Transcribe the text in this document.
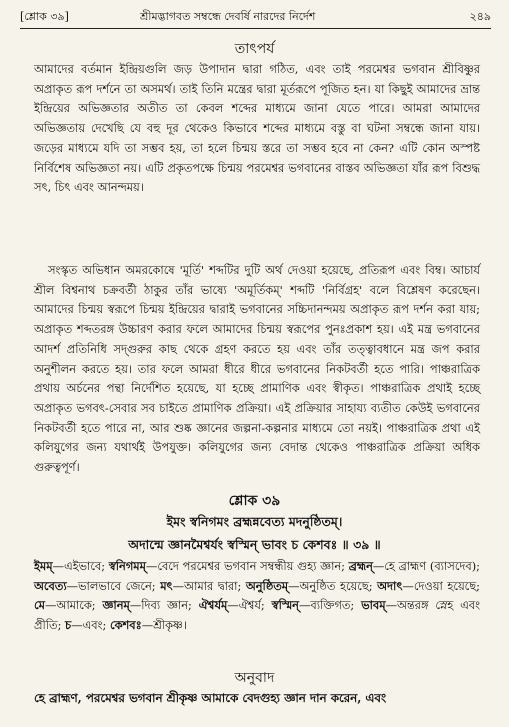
[শ্লোক ৩৯]	শ্রীমদ্ভাগবত সম্বন্ধে দেবর্ষি নারদের নির্দেশ	২৪৯
তাৎপর্য

আমাদের বর্তমান ইন্দ্রিয়গুলি জড় উপাদান দ্বারা গঠিত, এবং তাই পরমেশ্বর ভগবান শ্রীবিষ্ণুর অপ্রাকৃত রূপ দর্শনে তা অসমর্থ। তাই তিনি মন্ত্রের দ্বারা মূর্তরূপে পূজিত হন। যা কিছুই আমাদের ভ্রান্ত ইন্দ্রিয়ের অভিজ্ঞতার অতীত তা কেবল শব্দের মাধ্যমে জানা যেতে পারে। আমরা আমাদের অভিজ্ঞতায় দেখেছি যে বহু দূর থেকেও কিভাবে শব্দের মাধ্যমে বস্তু বা ঘটনা সম্বন্ধে জানা যায়। জড়ের মাধ্যমে যদি তা সম্ভব হয়, তা হলে চিন্ময় স্তরে তা সম্ভব হবে না কেন? এটি কোন অস্পষ্ট নির্বিশেষ অভিজ্ঞতা নয়। এটি প্রকৃতপক্ষে চিন্ময় পরমেশ্বর ভগবানের বাস্তব অভিজ্ঞতা যাঁর রূপ বিশুদ্ধ সৎ, চিৎ এবং আনন্দময়।

সংস্কৃত অভিধান অমরকোষে 'মূর্তি' শব্দটির দুটি অর্থ দেওয়া হয়েছে, প্রতিরূপ এবং বিম্ব। আচার্য শ্রীল বিশ্বনাথ চক্রবর্তী ঠাকুর তাঁর ভাষ্যে 'অমূর্তিকম্' শব্দটি 'নির্বিগ্রহ' বলে বিশ্লেষণ করেছেন। আমাদের চিন্ময় স্বরূপে চিন্ময় ইন্দ্রিয়ের দ্বারাই ভগবানের সচ্চিদানন্দময় অপ্রাকৃত রূপ দর্শন করা যায়; অপ্রাকৃত শব্দতরঙ্গ উচ্চারণ করার ফলে আমাদের চিন্ময় স্বরূপের পুনঃপ্রকাশ হয়। এই মন্ত্র ভগবানের আদর্শ প্রতিনিধি সদ্গুরুর কাছ থেকে গ্রহণ করতে হয় এবং তাঁর তত্ত্বাবধানে মন্ত্র জপ করার অনুশীলন করতে হয়। তার ফলে আমরা ধীরে ধীরে ভগবানের নিকটবর্তী হতে পারি। পাঞ্চরাত্রিক প্রথায় অর্চনের পন্থা নির্দেশিত হয়েছে, যা হচ্ছে প্রামাণিক এবং স্বীকৃত। পাঞ্চরাত্রিক প্রথাই হচ্ছে অপ্রাকৃত ভগবৎ-সেবার সব চাইতে প্রামাণিক প্রক্রিয়া। এই প্রক্রিয়ার সাহায্য ব্যতীত কেউই ভগবানের নিকটবর্তী হতে পারে না, আর শুষ্ক জ্ঞানের জল্পনা-কল্পনার মাধ্যমে তো নয়ই। পাঞ্চরাত্রিক প্রথা এই কলিযুগের জন্য যথার্থই উপযুক্ত। কলিযুগের জন্য বেদান্ত থেকেও পাঞ্চরাত্রিক প্রক্রিয়া অধিক গুরুত্বপূর্ণ।

শ্লোক ৩৯

ইমং স্বনিগমং ব্রহ্মন্নবেত্য মদনুষ্ঠিতম্।

অদান্মে জ্ঞানমৈশ্বর্যং স্বস্মিন্ ভাবং চ কেশবঃ ॥ ৩৯ ॥

ইমম্—এইভাবে; স্বনিগমম্—বেদে পরমেশ্বর ভগবান সম্বন্ধীয় গুহ্য জ্ঞান; ব্রহ্মন্—হে ব্রাহ্মণ (ব্যাসদেব); অবেত্য—ভালভাবে জেনে; মৎ—আমার দ্বারা; অনুষ্ঠিতম্—অনুষ্ঠিত হয়েছে; অদাৎ—দেওয়া হয়েছে; মে—আমাকে; জ্ঞানম্—দিব্য জ্ঞান; ঐশ্বর্যম্—ঐশ্বর্য; স্বস্মিন্—ব্যক্তিগত; ভাবম্—অন্তরঙ্গ স্নেহ এবং প্রীতি; চ—এবং; কেশবঃ—শ্রীকৃষ্ণ।

অনুবাদ

হে ব্রাহ্মণ, পরমেশ্বর ভগবান শ্রীকৃষ্ণ আমাকে বেদগুহ্য জ্ঞান দান করেন, এবং
